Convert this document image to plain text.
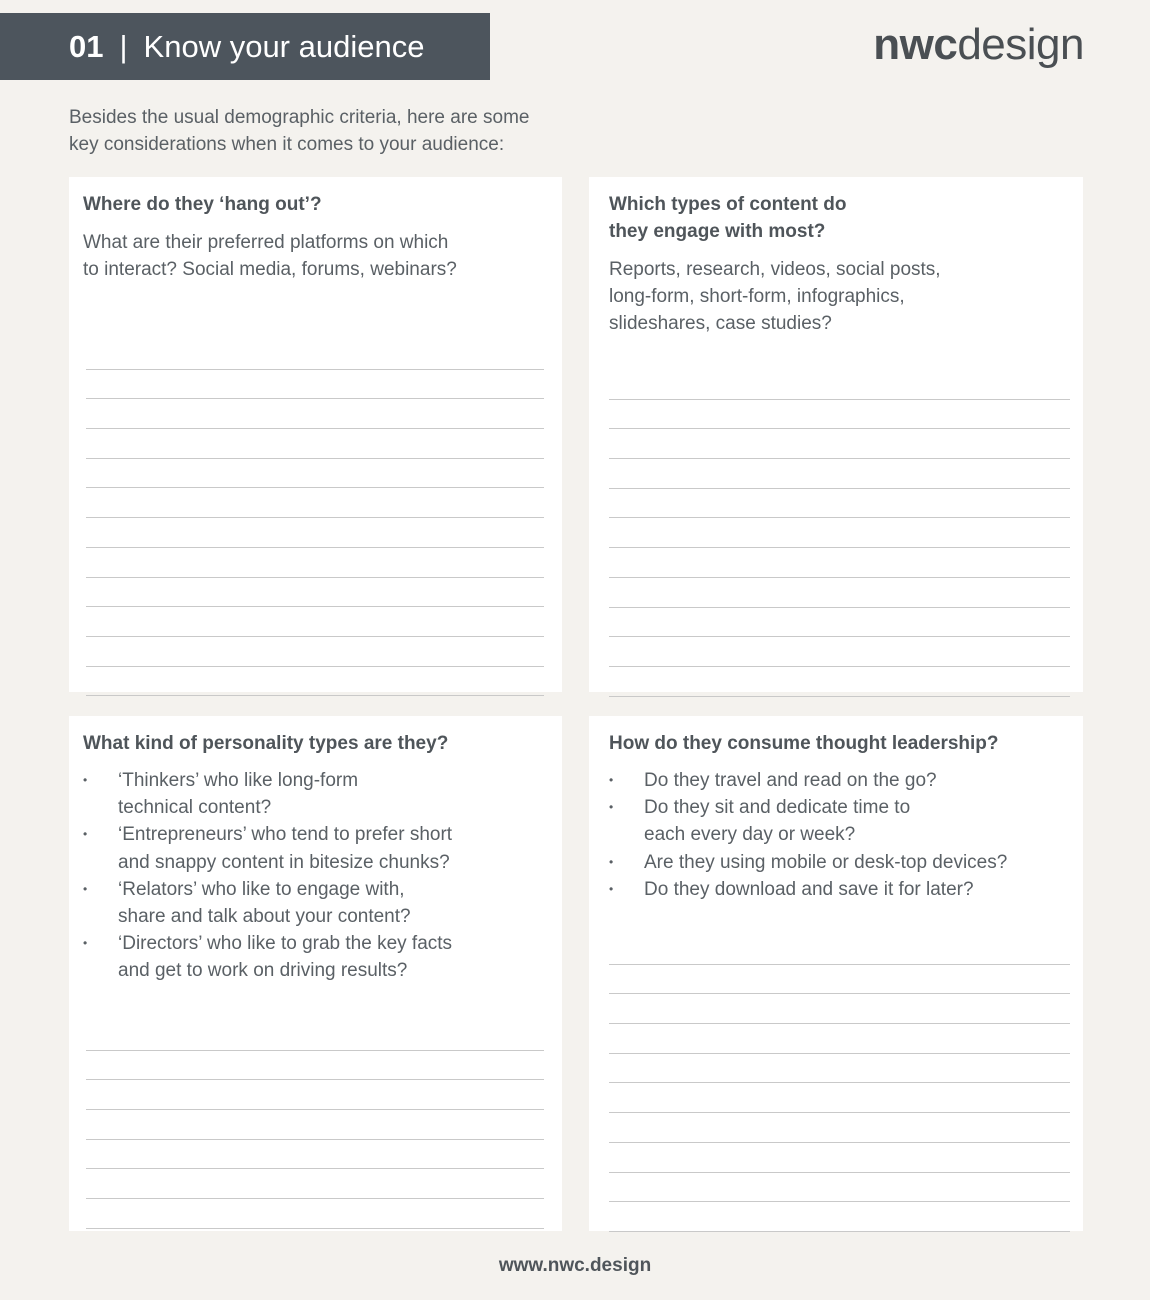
01 | Know your audience	nwcdesign
Besides the usual demographic criteria, here are some
key considerations when it comes to your audience:
Where do they ‘hang out’?

What are their preferred platforms on which
to interact? Social media, forums, webinars?

Which types of content do
they engage with most?

Reports, research, videos, social posts,
long-form, short-form, infographics,
slideshares, case studies?

What kind of personality types are they?
•	‘Thinkers’ who like long-form
technical content?
•	‘Entrepreneurs’ who tend to prefer short
and snappy content in bitesize chunks?
•	‘Relators’ who like to engage with,
share and talk about your content?
•	‘Directors’ who like to grab the key facts
and get to work on driving results?
How do they consume thought leadership?
•	Do they travel and read on the go?
•	Do they sit and dedicate time to
each every day or week?
•	Are they using mobile or desk-top devices?
•	Do they download and save it for later?
www.nwc.design
